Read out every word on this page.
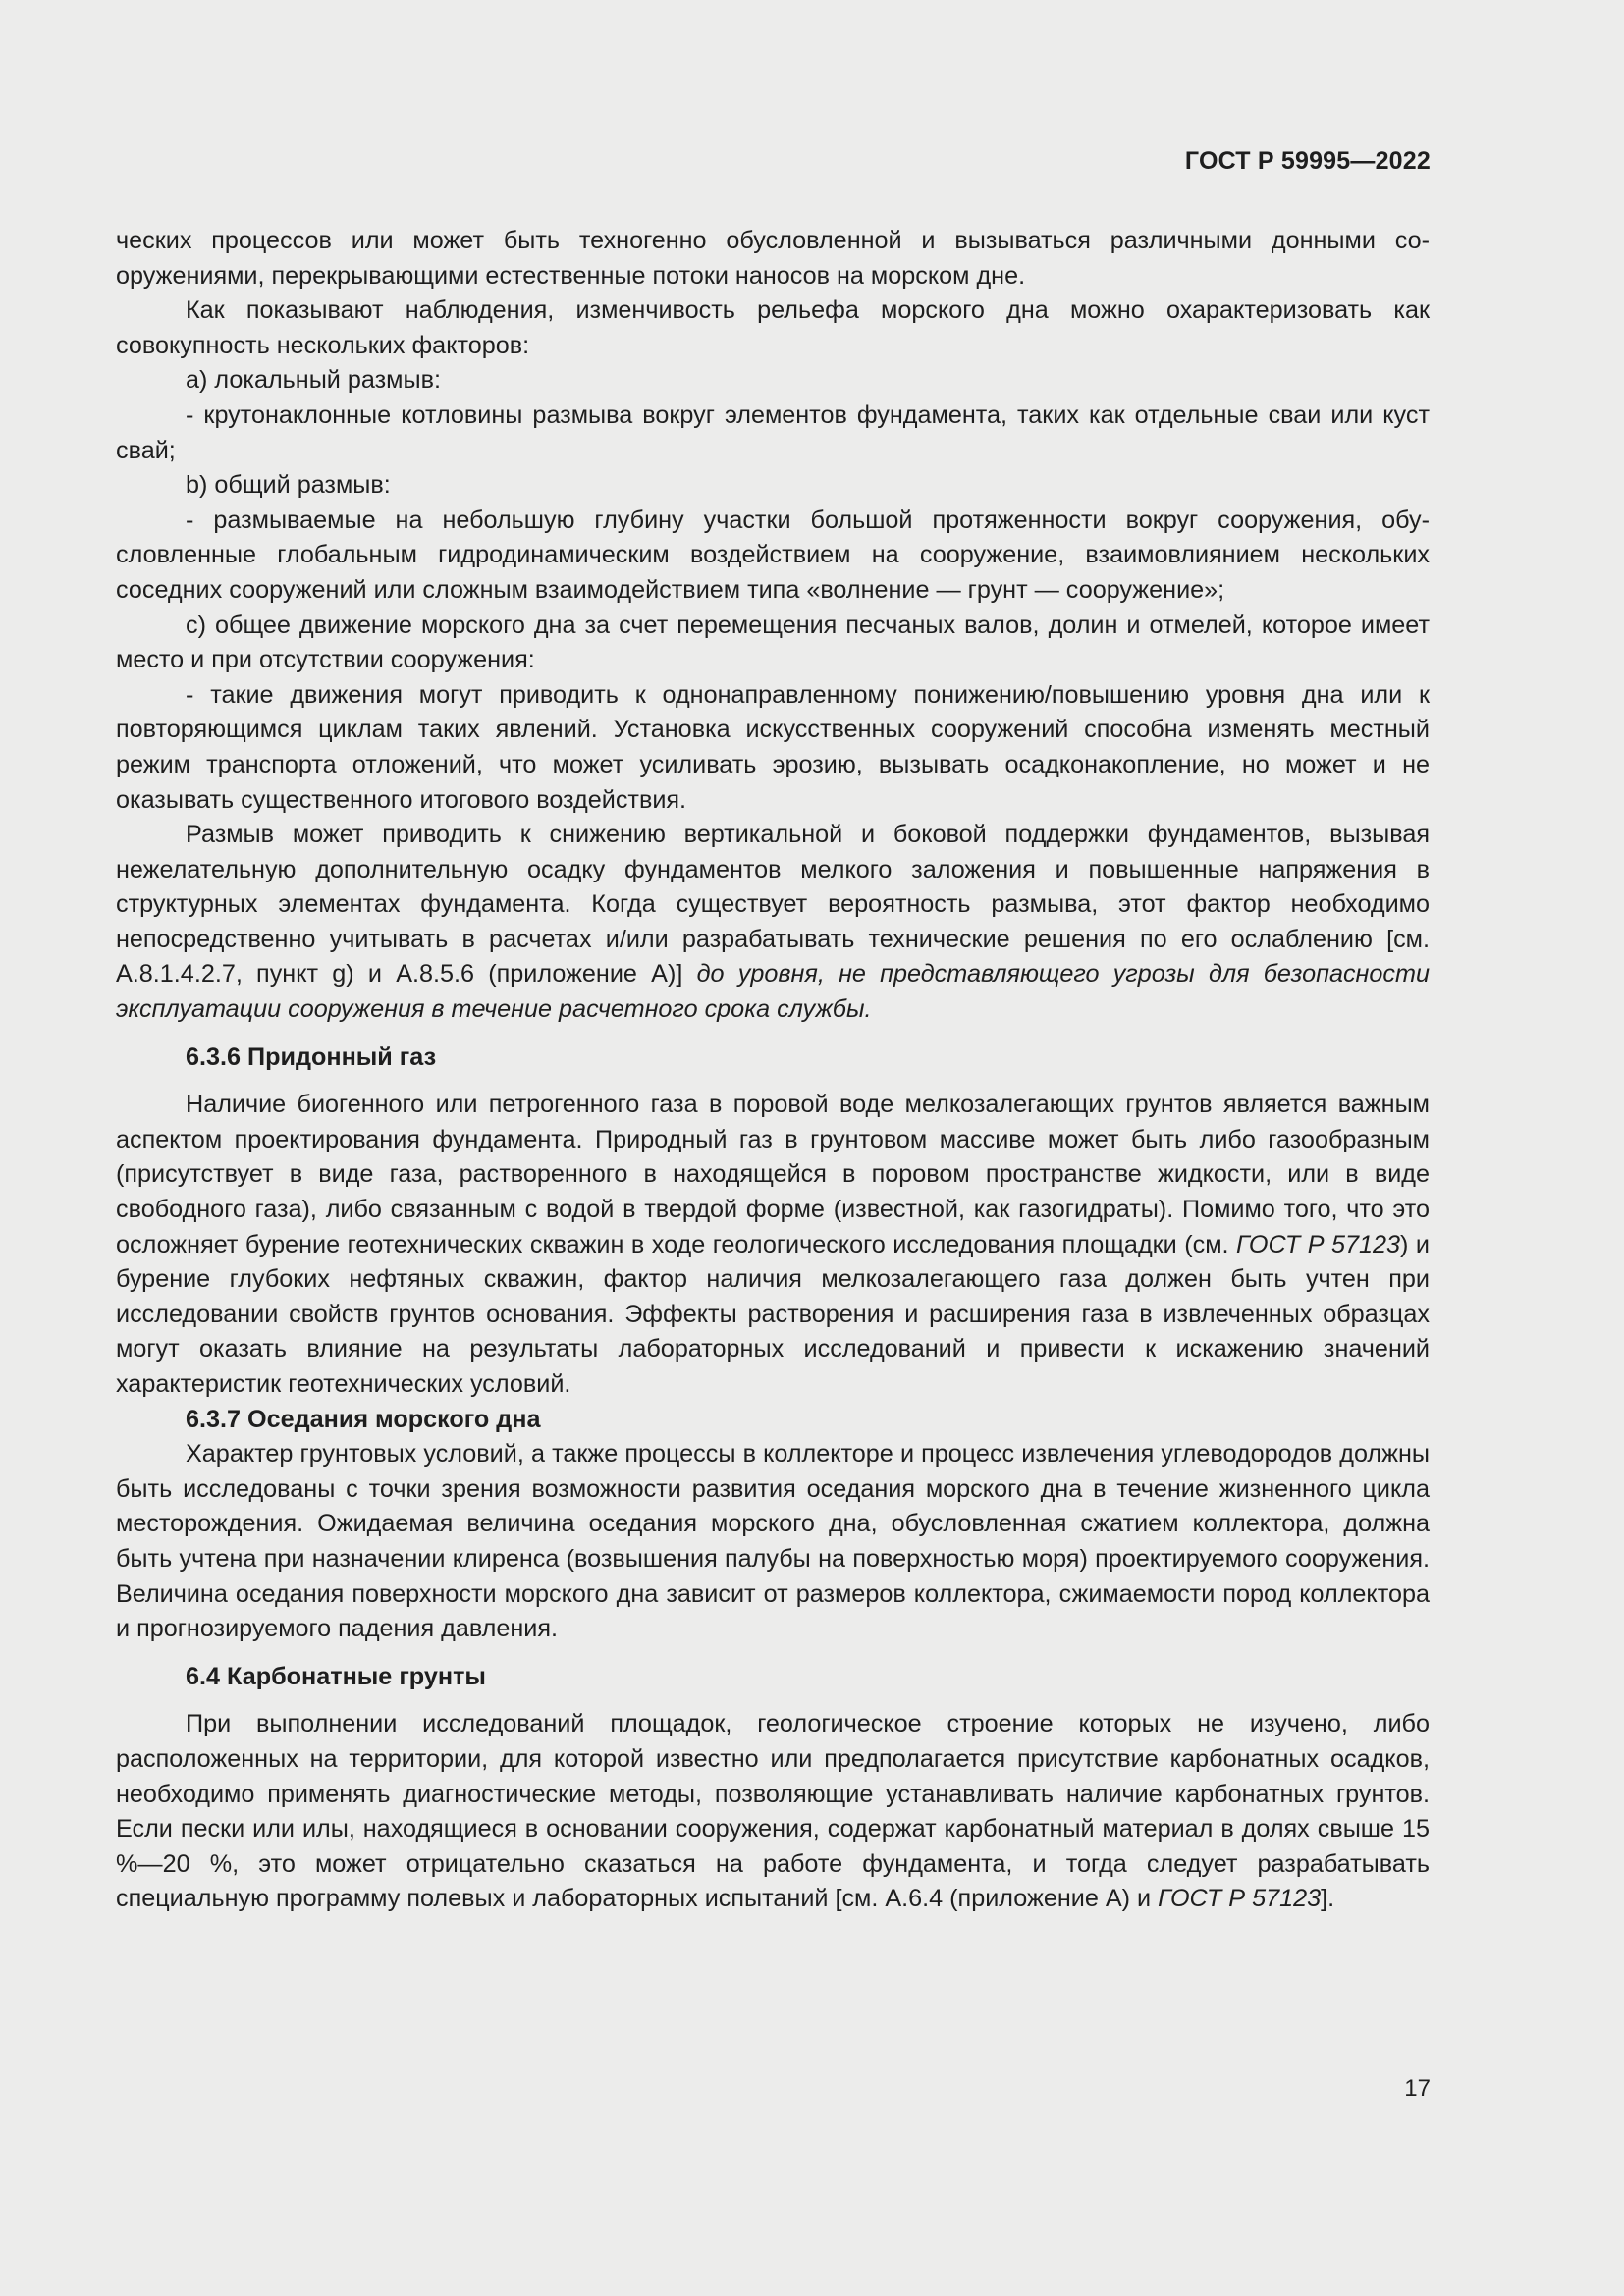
ГОСТ Р 59995—2022

ческих процессов или может быть техногенно обусловленной и вызываться различными донными сооружениями, перекрывающими естественные потоки наносов на морском дне.

Как показывают наблюдения, изменчивость рельефа морского дна можно охарактеризовать как совокупность нескольких факторов:

a) локальный размыв:

- крутонаклонные котловины размыва вокруг элементов фундамента, таких как отдельные сваи или куст свай;

b) общий размыв:

- размываемые на небольшую глубину участки большой протяженности вокруг сооружения, обусловленные глобальным гидродинамическим воздействием на сооружение, взаимовлиянием нескольких соседних сооружений или сложным взаимодействием типа «волнение — грунт — сооружение»;

c) общее движение морского дна за счет перемещения песчаных валов, долин и отмелей, которое имеет место и при отсутствии сооружения:

- такие движения могут приводить к однонаправленному понижению/повышению уровня дна или к повторяющимся циклам таких явлений. Установка искусственных сооружений способна изменять местный режим транспорта отложений, что может усиливать эрозию, вызывать осадконакопление, но может и не оказывать существенного итогового воздействия.

Размыв может приводить к снижению вертикальной и боковой поддержки фундаментов, вызывая нежелательную дополнительную осадку фундаментов мелкого заложения и повышенные напряжения в структурных элементах фундамента. Когда существует вероятность размыва, этот фактор необходимо непосредственно учитывать в расчетах и/или разрабатывать технические решения по его ослаблению [см. А.8.1.4.2.7, пункт g) и А.8.5.6 (приложение А)] до уровня, не представляющего угрозы для безопасности эксплуатации сооружения в течение расчетного срока службы.

6.3.6 Придонный газ

Наличие биогенного или петрогенного газа в поровой воде мелкозалегающих грунтов является важным аспектом проектирования фундамента. Природный газ в грунтовом массиве может быть либо газообразным (присутствует в виде газа, растворенного в находящейся в поровом пространстве жидкости, или в виде свободного газа), либо связанным с водой в твердой форме (известной, как газогидраты). Помимо того, что это осложняет бурение геотехнических скважин в ходе геологического исследования площадки (см. ГОСТ Р 57123) и бурение глубоких нефтяных скважин, фактор наличия мелкозалегающего газа должен быть учтен при исследовании свойств грунтов основания. Эффекты растворения и расширения газа в извлеченных образцах могут оказать влияние на результаты лабораторных исследований и привести к искажению значений характеристик геотехнических условий.

6.3.7 Оседания морского дна

Характер грунтовых условий, а также процессы в коллекторе и процесс извлечения углеводородов должны быть исследованы с точки зрения возможности развития оседания морского дна в течение жизненного цикла месторождения. Ожидаемая величина оседания морского дна, обусловленная сжатием коллектора, должна быть учтена при назначении клиренса (возвышения палубы на поверхностью моря) проектируемого сооружения. Величина оседания поверхности морского дна зависит от размеров коллектора, сжимаемости пород коллектора и прогнозируемого падения давления.

6.4 Карбонатные грунты

При выполнении исследований площадок, геологическое строение которых не изучено, либо расположенных на территории, для которой известно или предполагается присутствие карбонатных осадков, необходимо применять диагностические методы, позволяющие устанавливать наличие карбонатных грунтов. Если пески или илы, находящиеся в основании сооружения, содержат карбонатный материал в долях свыше 15 %—20 %, это может отрицательно сказаться на работе фундамента, и тогда следует разрабатывать специальную программу полевых и лабораторных испытаний [см. А.6.4 (приложение А) и ГОСТ Р 57123].

17
